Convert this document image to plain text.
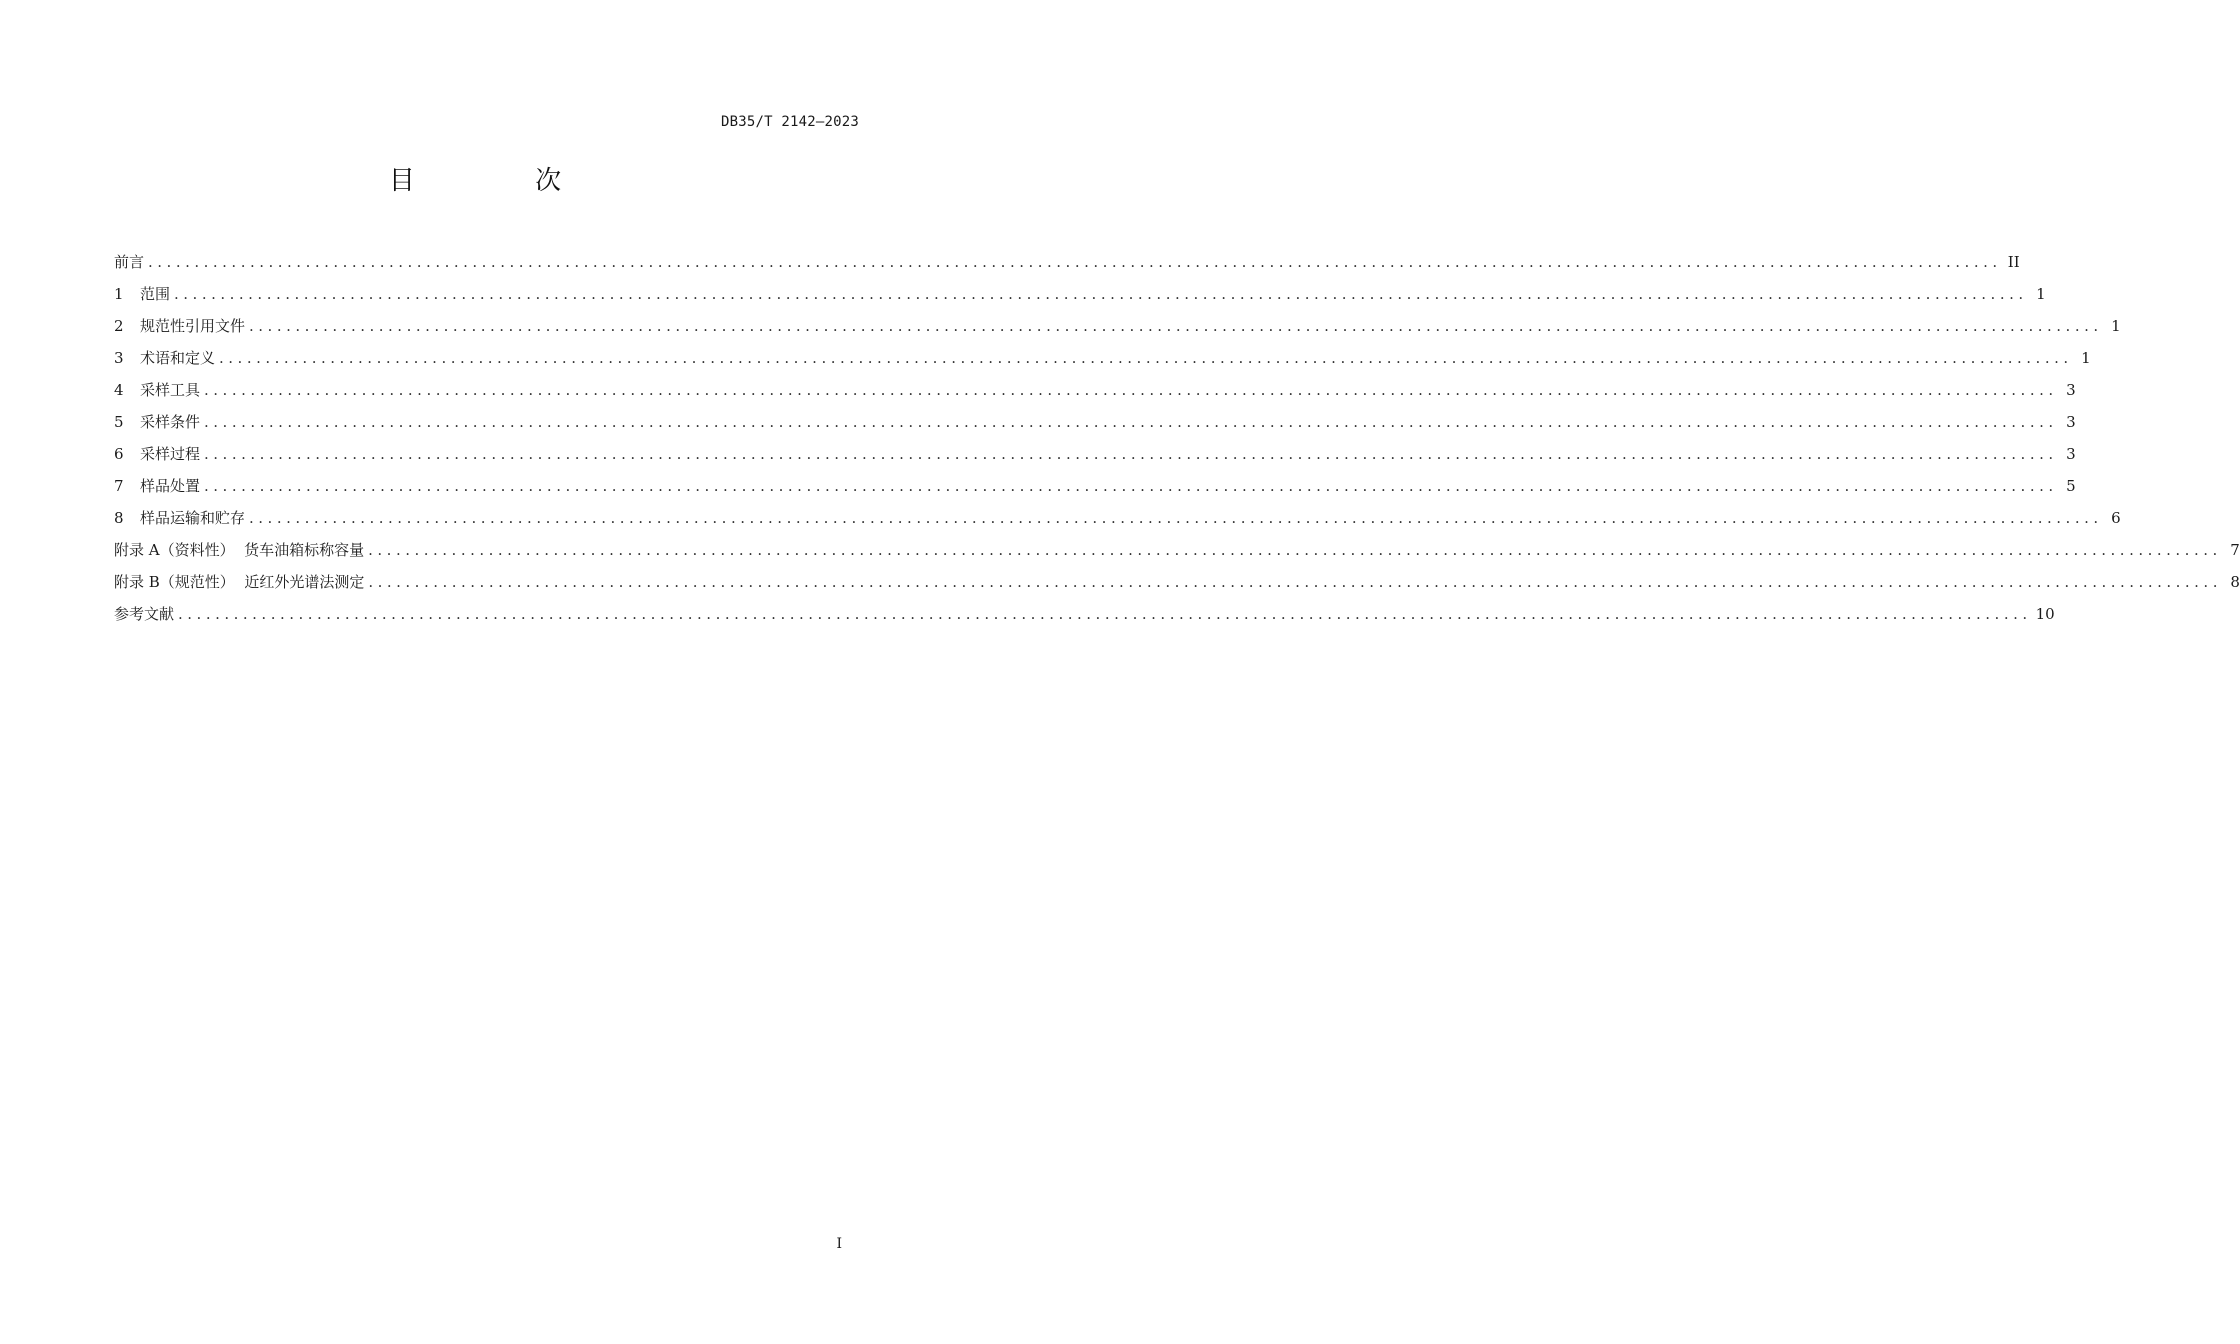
DB35/T 2142—2023
目 次
前言 ........................................................................................................................................................................................................ II
1	范围 ........................................................................................................................................................................................................ 1
2	规范性引用文件 ........................................................................................................................................................................................................ 1
3	术语和定义 ........................................................................................................................................................................................................ 1
4	采样工具 ........................................................................................................................................................................................................ 3
5	采样条件 ........................................................................................................................................................................................................ 3
6	采样过程 ........................................................................................................................................................................................................ 3
7	样品处置 ........................................................................................................................................................................................................ 5
8	样品运输和贮存 ........................................................................................................................................................................................................ 6
附录 A（资料性）  货车油箱标称容量 ........................................................................................................................................................................................................ 7
附录 B（规范性）  近红外光谱法测定 ........................................................................................................................................................................................................ 8
参考文献 ........................................................................................................................................................................................................ 10
I
